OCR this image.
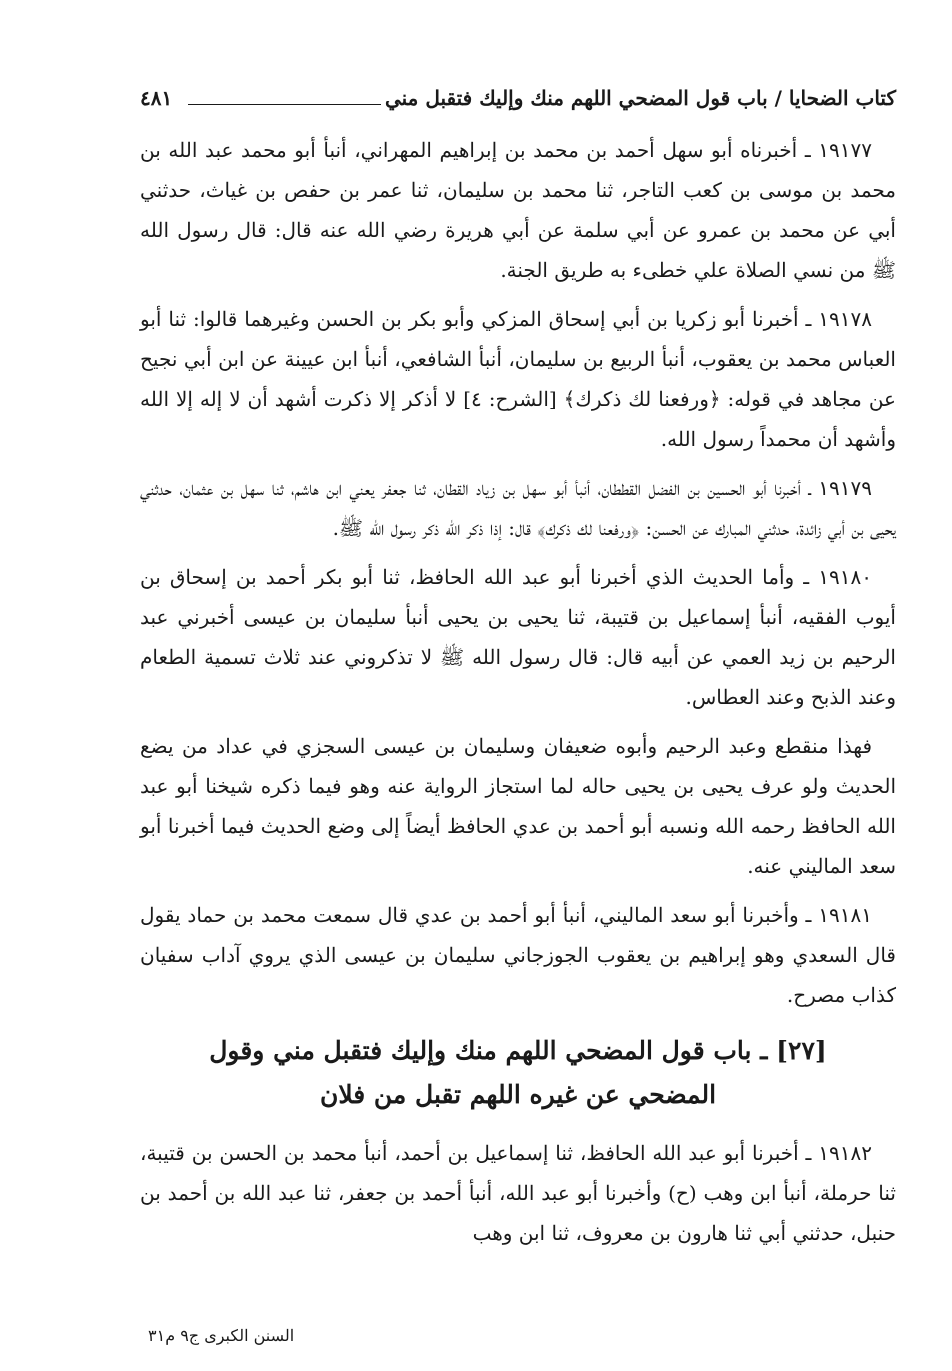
كتاب الضحايا / باب قول المضحي اللهم منك وإليك فتقبل مني
٤٨١

١٩١٧٧ ـ أخبرناه أبو سهل أحمد بن محمد بن إبراهيم المهراني، أنبأ أبو محمد عبد الله بن محمد بن موسى بن كعب التاجر، ثنا محمد بن سليمان، ثنا عمر بن حفص بن غياث، حدثني أبي عن محمد بن عمرو عن أبي سلمة عن أبي هريرة رضي الله عنه قال: قال رسول الله ﷺ من نسي الصلاة علي خطىء به طريق الجنة.

١٩١٧٨ ـ أخبرنا أبو زكريا بن أبي إسحاق المزكي وأبو بكر بن الحسن وغيرهما قالوا: ثنا أبو العباس محمد بن يعقوب، أنبأ الربيع بن سليمان، أنبأ الشافعي، أنبأ ابن عيينة عن ابن أبي نجيح عن مجاهد في قوله: ﴿ورفعنا لك ذكرك﴾ [الشرح: ٤] لا أذكر إلا ذكرت أشهد أن لا إله إلا الله وأشهد أن محمداً رسول الله.

١٩١٧٩ ـ أخبرنا أبو الحسين بن الفضل القططان، أنبأ أبو سهل بن زياد القطان، ثنا جعفر يعني ابن هاشم، ثنا سهل بن عثمان، حدثني يحيى بن أبي زائدة، حدثني المبارك عن الحسن: ﴿ورفعنا لك ذكرك﴾ قال: إذا ذكر الله ذكر رسول الله ﷺ.

١٩١٨٠ ـ وأما الحديث الذي أخبرنا أبو عبد الله الحافظ، ثنا أبو بكر أحمد بن إسحاق بن أيوب الفقيه، أنبأ إسماعيل بن قتيبة، ثنا يحيى بن يحيى أنبأ سليمان بن عيسى أخبرني عبد الرحيم بن زيد العمي عن أبيه قال: قال رسول الله ﷺ لا تذكروني عند ثلاث تسمية الطعام وعند الذبح وعند العطاس.

فهذا منقطع وعبد الرحيم وأبوه ضعيفان وسليمان بن عيسى السجزي في عداد من يضع الحديث ولو عرف يحيى بن يحيى حاله لما استجاز الرواية عنه وهو فيما ذكره شيخنا أبو عبد الله الحافظ رحمه الله ونسبه أبو أحمد بن عدي الحافظ أيضاً إلى وضع الحديث فيما أخبرنا أبو سعد الماليني عنه.

١٩١٨١ ـ وأخبرنا أبو سعد الماليني، أنبأ أبو أحمد بن عدي قال سمعت محمد بن حماد يقول قال السعدي وهو إبراهيم بن يعقوب الجوزجاني سليمان بن عيسى الذي يروي آداب سفيان كذاب مصرح.

[٢٧] ـ باب قول المضحي اللهم منك وإليك فتقبل مني وقول المضحي عن غيره اللهم تقبل من فلان

١٩١٨٢ ـ أخبرنا أبو عبد الله الحافظ، ثنا إسماعيل بن أحمد، أنبأ محمد بن الحسن بن قتيبة، ثنا حرملة، أنبأ ابن وهب (ح) وأخبرنا أبو عبد الله، أنبأ أحمد بن جعفر، ثنا عبد الله بن أحمد بن حنبل، حدثني أبي ثنا هارون بن معروف، ثنا ابن وهب

السنن الكبرى ج٩ م٣١
